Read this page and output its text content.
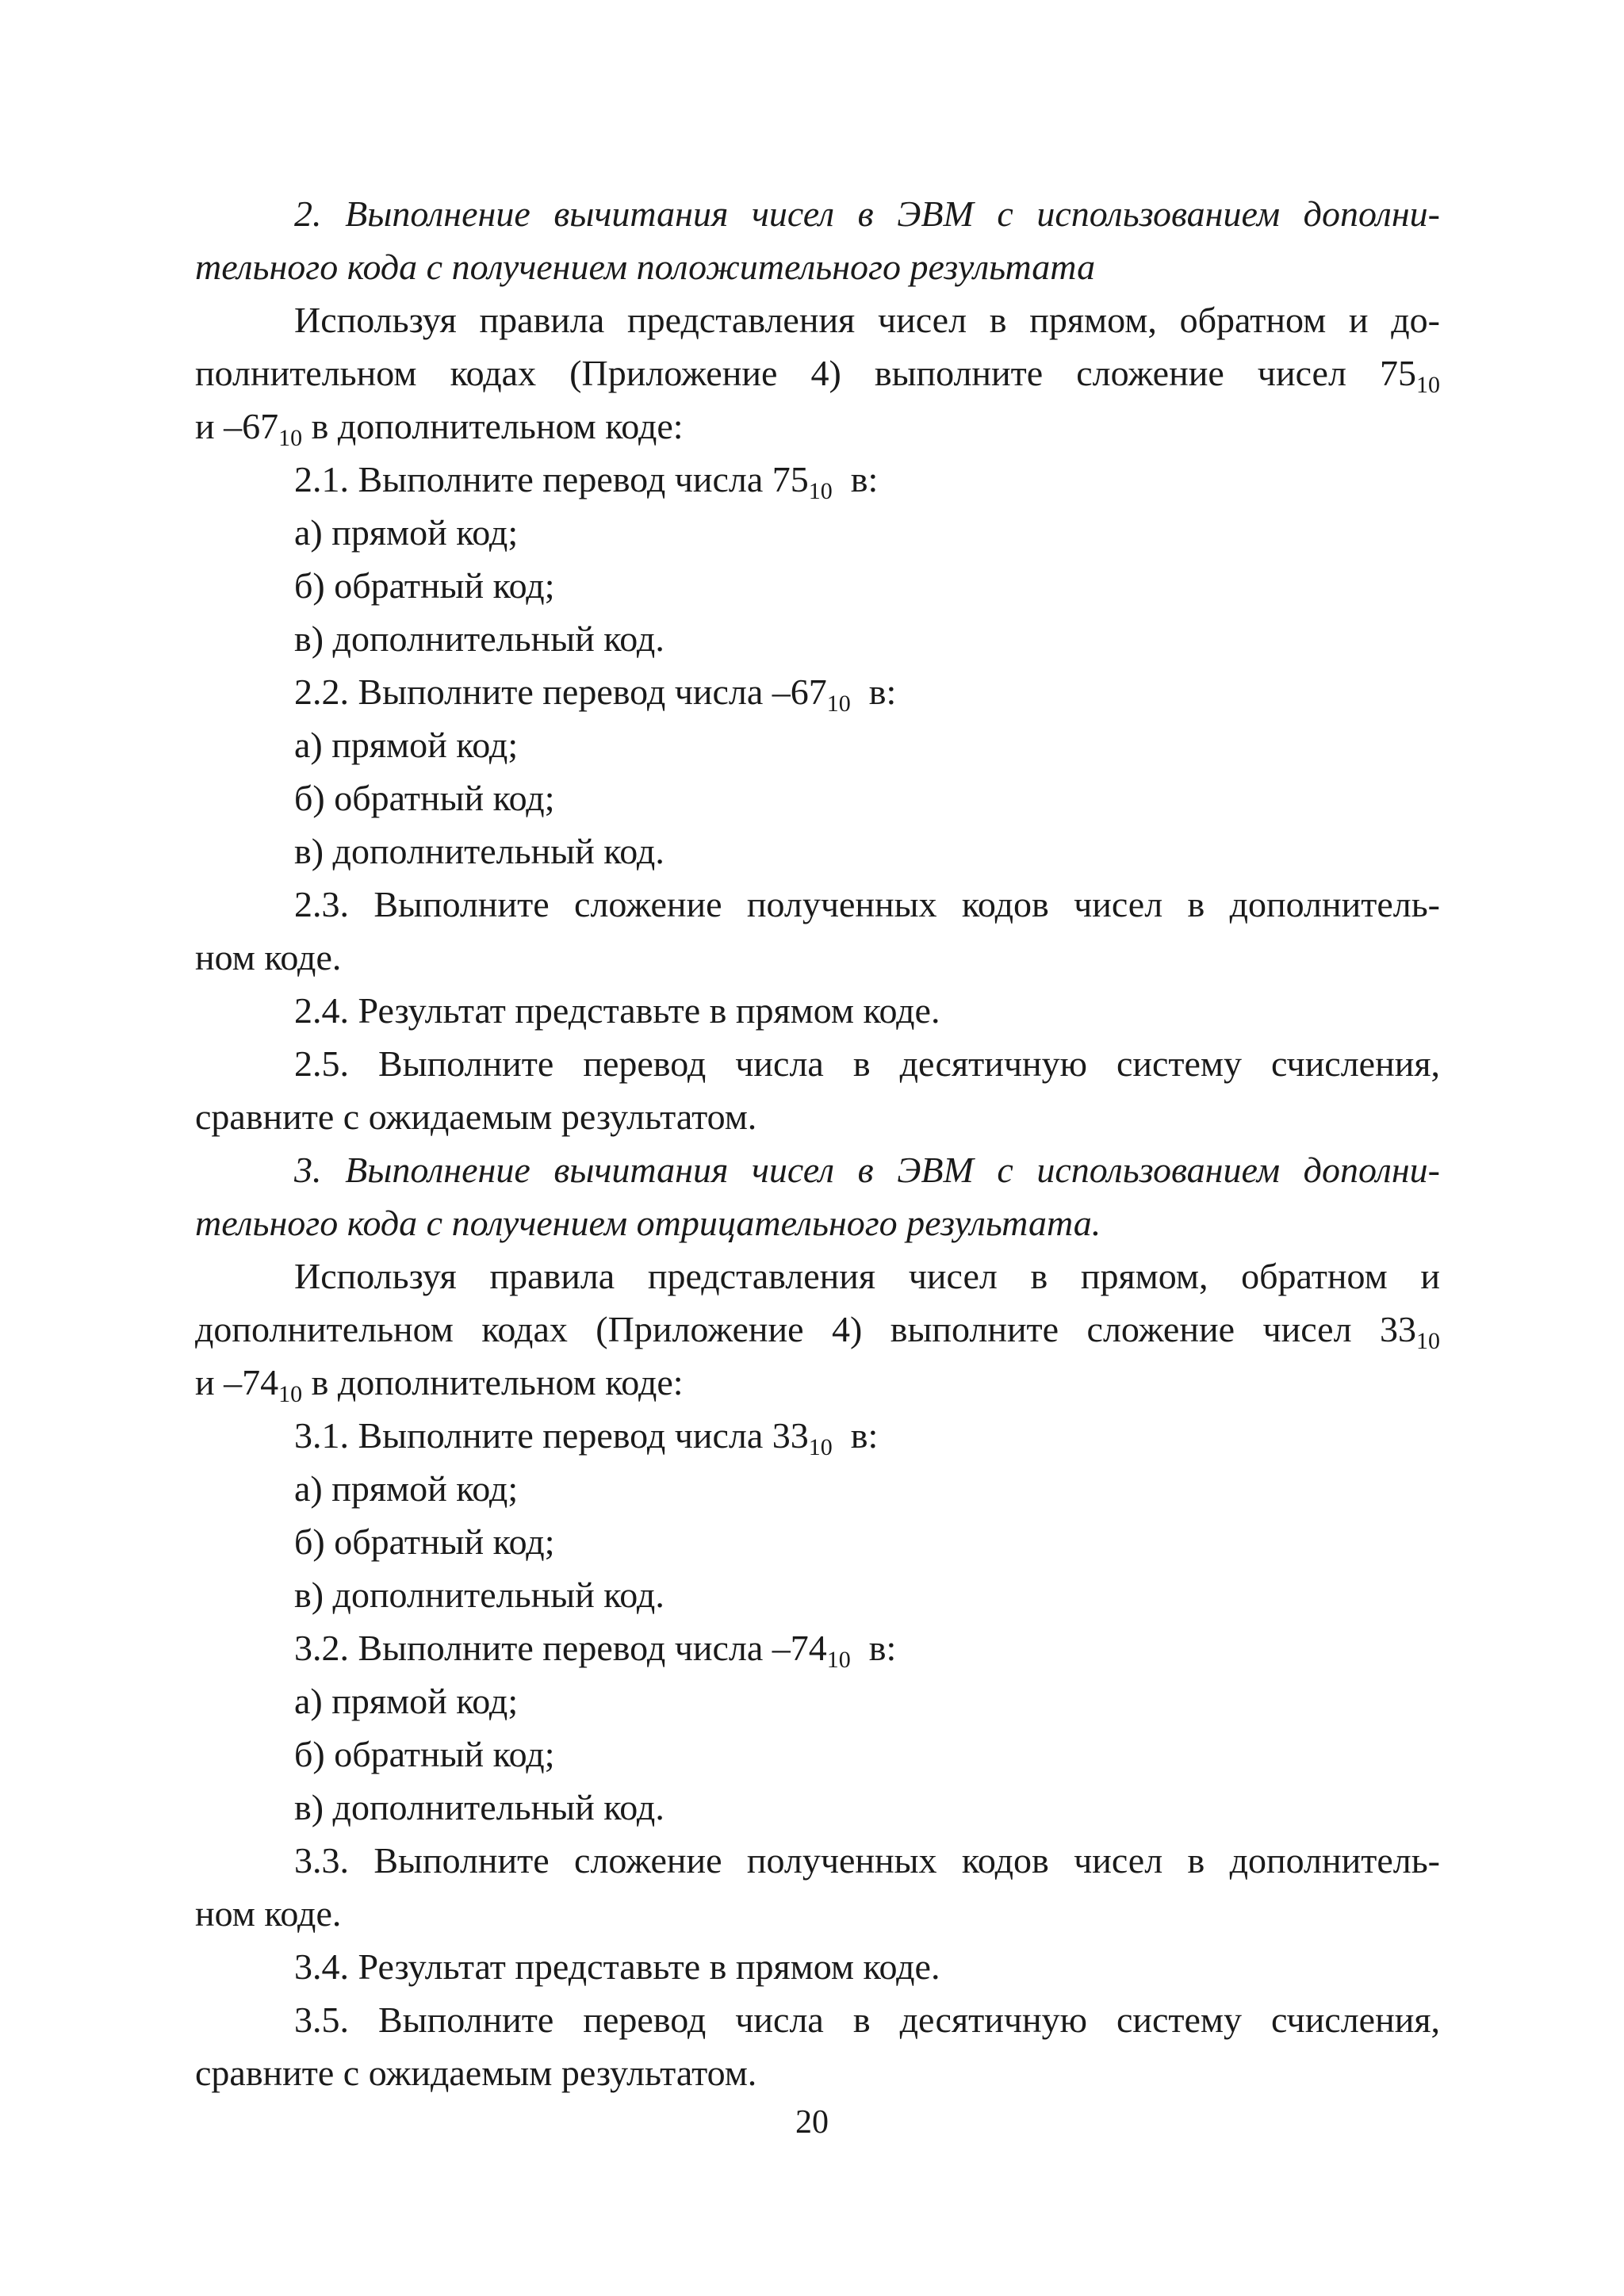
2. Выполнение вычитания чисел в ЭВМ с использованием дополни-
тельного кода с получением положительного результата
Используя правила представления чисел в прямом, обратном и до-
полнительном кодах (Приложение 4) выполните сложение чисел $75_{10}$
и $-67_{10}$ в дополнительном коде:
2.1. Выполните перевод числа $75_{10}$  в:
а) прямой код;
б) обратный код;
в) дополнительный код.
2.2. Выполните перевод числа $-67_{10}$  в:
а) прямой код;
б) обратный код;
в) дополнительный код.
2.3. Выполните сложение полученных кодов чисел в дополнитель-
ном коде.
2.4. Результат представьте в прямом коде.
2.5. Выполните перевод числа в десятичную систему счисления,
сравните с ожидаемым результатом.
3. Выполнение вычитания чисел в ЭВМ с использованием дополни-
тельного кода с получением отрицательного результата.
Используя правила представления чисел в прямом, обратном и
дополнительном кодах (Приложение 4) выполните сложение чисел $33_{10}$
и $-74_{10}$ в дополнительном коде:
3.1. Выполните перевод числа $33_{10}$  в:
а) прямой код;
б) обратный код;
в) дополнительный код.
3.2. Выполните перевод числа $-74_{10}$  в:
а) прямой код;
б) обратный код;
в) дополнительный код.
3.3. Выполните сложение полученных кодов чисел в дополнитель-
ном коде.
3.4. Результат представьте в прямом коде.
3.5. Выполните перевод числа в десятичную систему счисления,
сравните с ожидаемым результатом.
20
